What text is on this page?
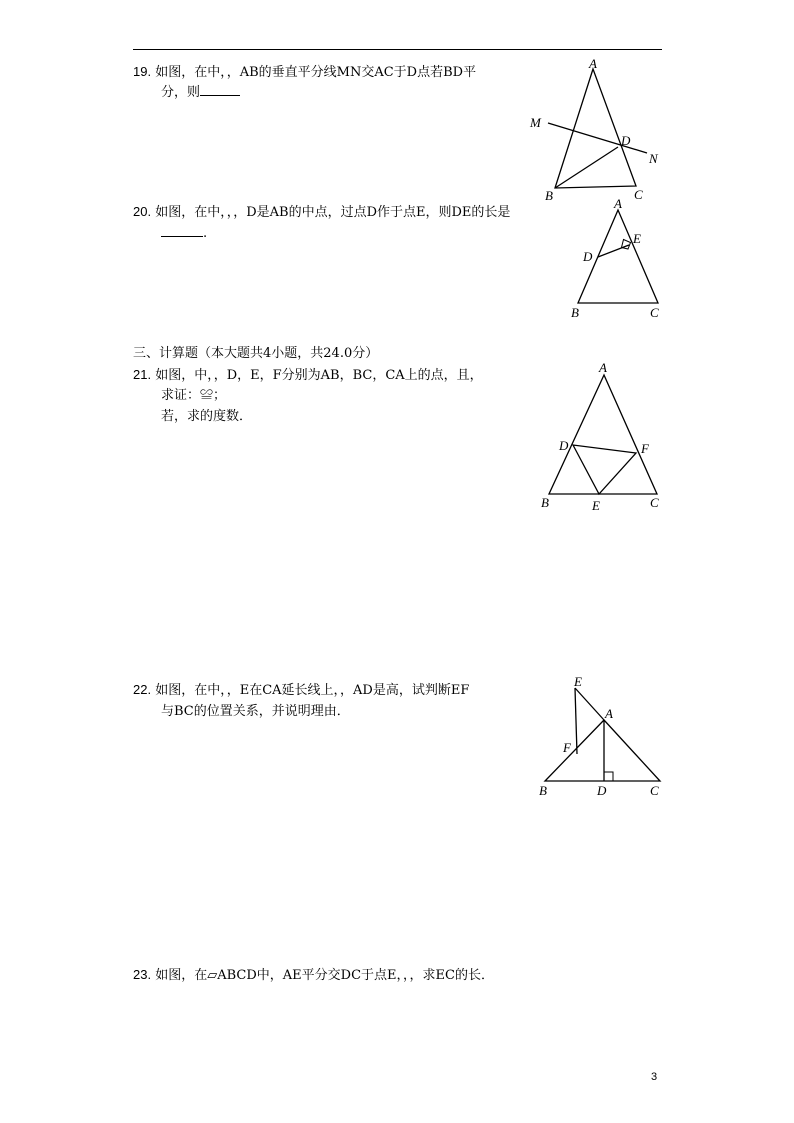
19. 如图，在中，，AB的垂直平分线MN交AC于D点若BD平
分，则
A
B	C
D
M
N
20. 如图，在中，，，D是AB的中点，过点D作于点E，则DE的长是
.
A
B	C
D
E
三、计算题（本大题共4小题，共24.0分）
21. 如图，中，，D，E，F分别为AB，BC，CA上的点，且，
求证：≌；
若，求的度数．
A
B	C
D
E
F
22. 如图，在中，，E在CA延长线上，，AD是高，试判断EF
与BC的位置关系，并说明理由．
E
A
F
B	D	C
23. 如图，在▱ABCD中，AE平分交DC于点E，，，求EC的长．
3
